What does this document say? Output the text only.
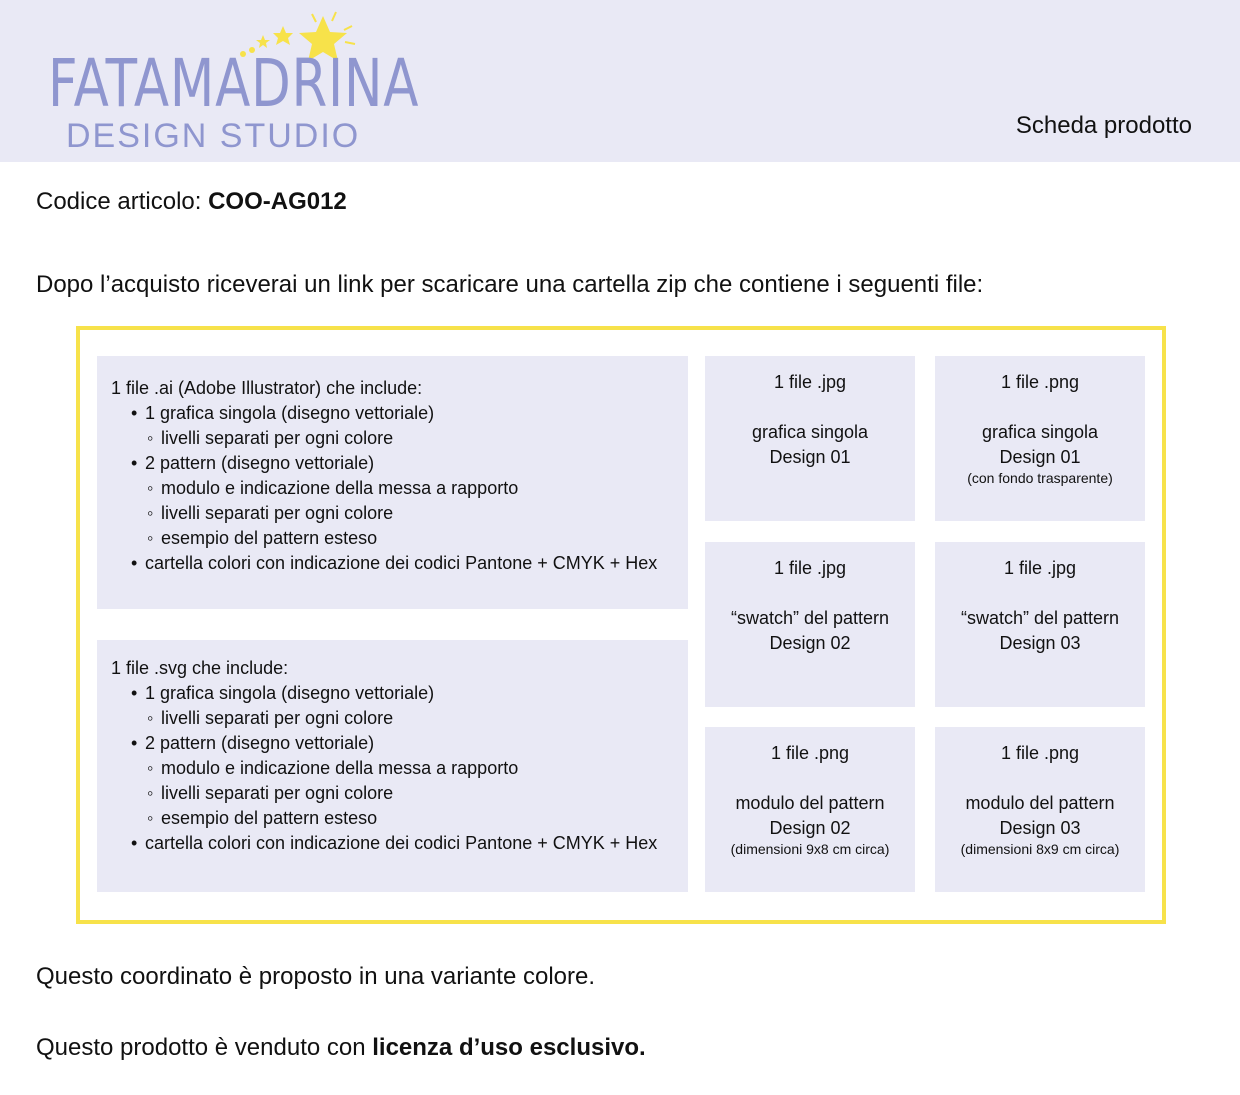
FATAMADRINA
DESIGN STUDIO	Scheda prodotto
Codice articolo: COO-AG012
Dopo l’acquisto riceverai un link per scaricare una cartella zip che contiene i seguenti file:
1 file .ai (Adobe Illustrator) che include:
• 1 grafica singola (disegno vettoriale)
◦ livelli separati per ogni colore
• 2 pattern (disegno vettoriale)
◦ modulo e indicazione della messa a rapporto
◦ livelli separati per ogni colore
◦ esempio del pattern esteso
• cartella colori con indicazione dei codici Pantone + CMYK + Hex
1 file .svg che include:
• 1 grafica singola (disegno vettoriale)
◦ livelli separati per ogni colore
• 2 pattern (disegno vettoriale)
◦ modulo e indicazione della messa a rapporto
◦ livelli separati per ogni colore
◦ esempio del pattern esteso
• cartella colori con indicazione dei codici Pantone + CMYK + Hex
1 file .jpg
grafica singola
Design 01
1 file .png
grafica singola
Design 01
(con fondo trasparente)
1 file .jpg
“swatch” del pattern
Design 02
1 file .jpg
“swatch” del pattern
Design 03
1 file .png
modulo del pattern
Design 02
(dimensioni 9x8 cm circa)
1 file .png
modulo del pattern
Design 03
(dimensioni 8x9 cm circa)
Questo coordinato è proposto in una variante colore.
Questo prodotto è venduto con licenza d’uso esclusivo.
